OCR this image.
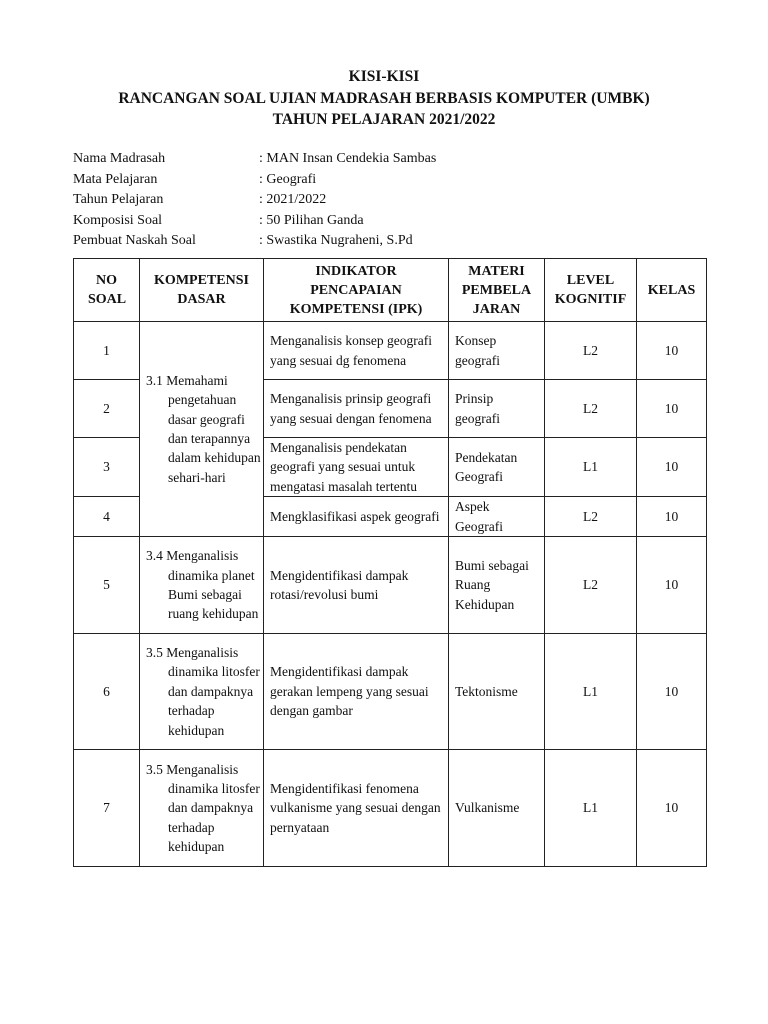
KISI-KISI
RANCANGAN SOAL UJIAN MADRASAH BERBASIS KOMPUTER (UMBK)
TAHUN PELAJARAN 2021/2022
Nama Madrasah	: MAN Insan Cendekia Sambas
Mata Pelajaran	: Geografi
Tahun Pelajaran	: 2021/2022
Komposisi Soal	: 50 Pilihan Ganda
Pembuat Naskah Soal	: Swastika Nugraheni, S.Pd
NO SOAL	KOMPETENSI DASAR	INDIKATOR PENCAPAIAN KOMPETENSI (IPK)	MATERI PEMBELA JARAN	LEVEL KOGNITIF	KELAS
1	3.1 Memahami pengetahuan dasar geografi dan terapannya dalam kehidupan sehari-hari	Menganalisis konsep geografi yang sesuai dg fenomena	Konsep geografi	L2	10
2		Menganalisis prinsip geografi yang sesuai dengan fenomena	Prinsip geografi	L2	10
3		Menganalisis pendekatan geografi yang sesuai untuk mengatasi masalah tertentu	Pendekatan Geografi	L1	10
4		Mengklasifikasi aspek geografi	Aspek Geografi	L2	10
5	3.4 Menganalisis dinamika planet Bumi sebagai ruang kehidupan	Mengidentifikasi dampak rotasi/revolusi bumi	Bumi sebagai Ruang Kehidupan	L2	10
6	3.5 Menganalisis dinamika litosfer dan dampaknya terhadap kehidupan	Mengidentifikasi dampak gerakan lempeng yang sesuai dengan gambar	Tektonisme	L1	10
7	3.5 Menganalisis dinamika litosfer dan dampaknya terhadap kehidupan	Mengidentifikasi fenomena vulkanisme yang sesuai dengan pernyataan	Vulkanisme	L1	10
